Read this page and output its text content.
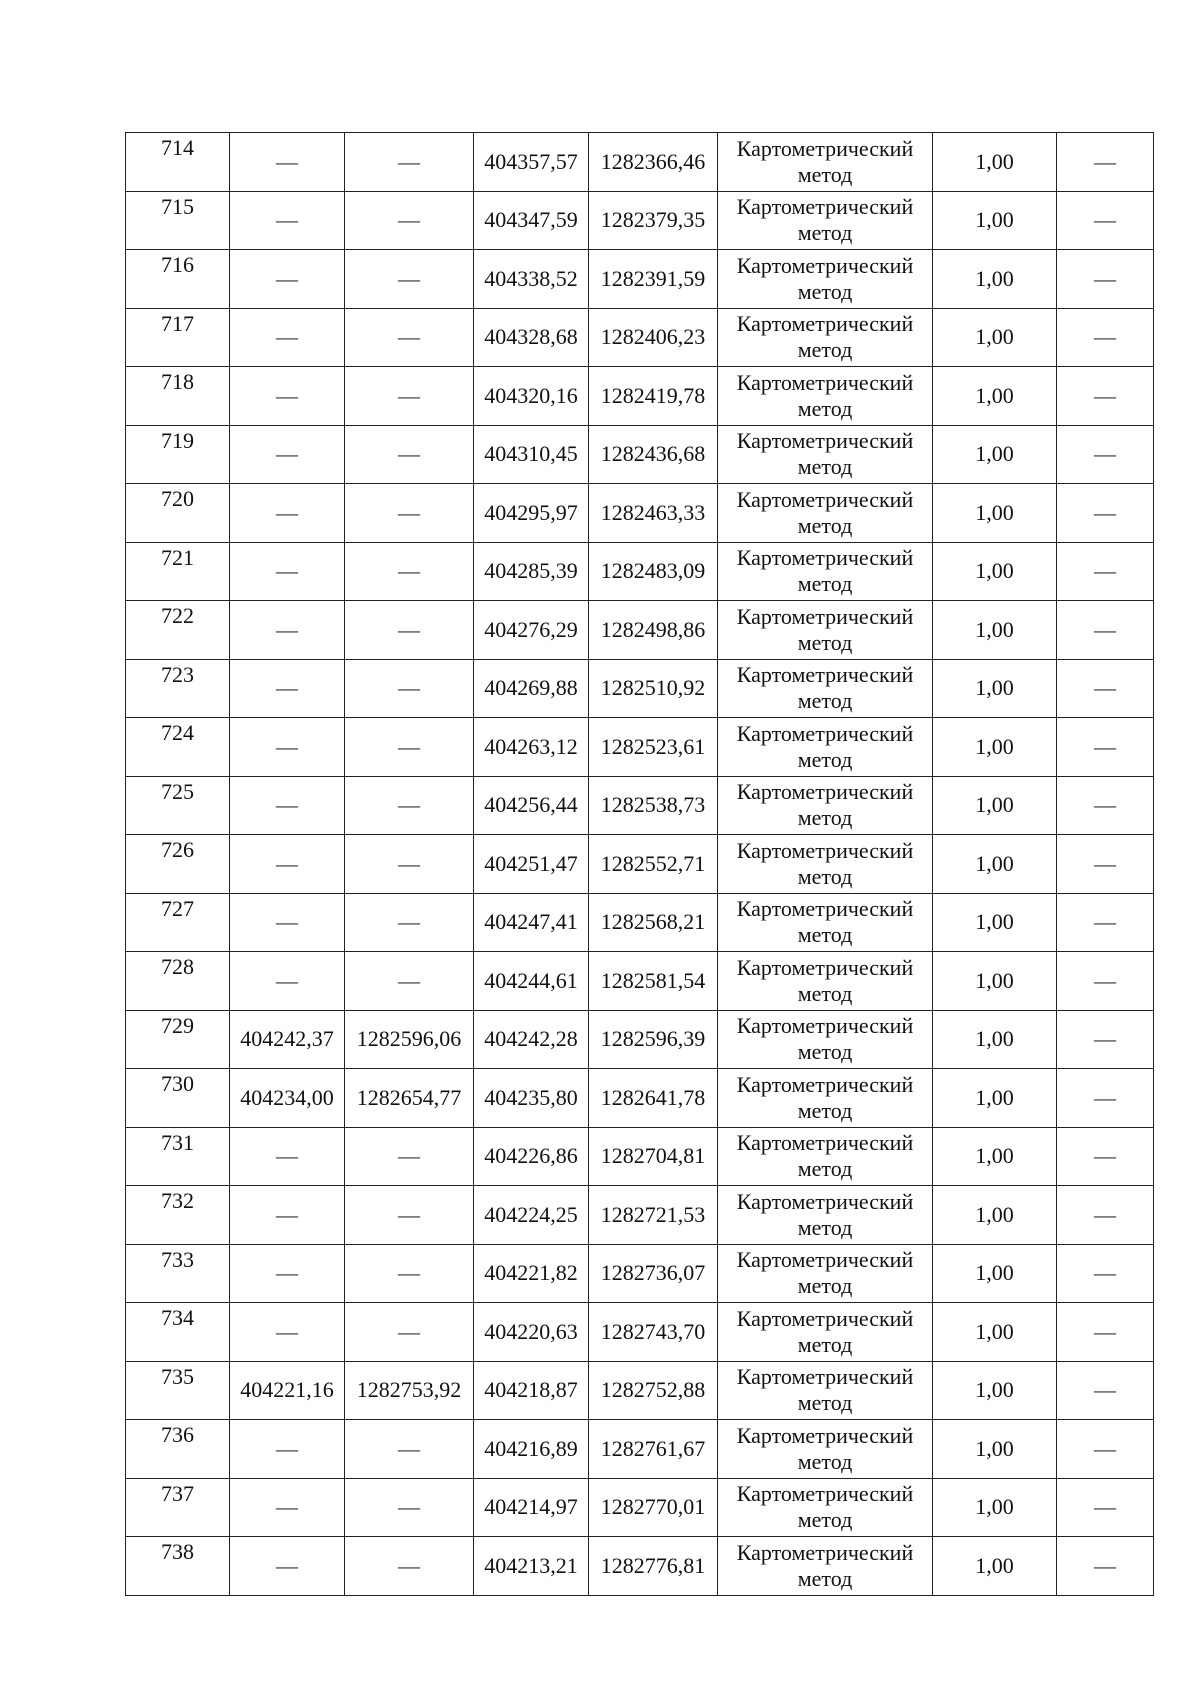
714	—	—	404357,57	1282366,46	Картометрический метод	1,00	—
715	—	—	404347,59	1282379,35	Картометрический метод	1,00	—
716	—	—	404338,52	1282391,59	Картометрический метод	1,00	—
717	—	—	404328,68	1282406,23	Картометрический метод	1,00	—
718	—	—	404320,16	1282419,78	Картометрический метод	1,00	—
719	—	—	404310,45	1282436,68	Картометрический метод	1,00	—
720	—	—	404295,97	1282463,33	Картометрический метод	1,00	—
721	—	—	404285,39	1282483,09	Картометрический метод	1,00	—
722	—	—	404276,29	1282498,86	Картометрический метод	1,00	—
723	—	—	404269,88	1282510,92	Картометрический метод	1,00	—
724	—	—	404263,12	1282523,61	Картометрический метод	1,00	—
725	—	—	404256,44	1282538,73	Картометрический метод	1,00	—
726	—	—	404251,47	1282552,71	Картометрический метод	1,00	—
727	—	—	404247,41	1282568,21	Картометрический метод	1,00	—
728	—	—	404244,61	1282581,54	Картометрический метод	1,00	—
729	404242,37	1282596,06	404242,28	1282596,39	Картометрический метод	1,00	—
730	404234,00	1282654,77	404235,80	1282641,78	Картометрический метод	1,00	—
731	—	—	404226,86	1282704,81	Картометрический метод	1,00	—
732	—	—	404224,25	1282721,53	Картометрический метод	1,00	—
733	—	—	404221,82	1282736,07	Картометрический метод	1,00	—
734	—	—	404220,63	1282743,70	Картометрический метод	1,00	—
735	404221,16	1282753,92	404218,87	1282752,88	Картометрический метод	1,00	—
736	—	—	404216,89	1282761,67	Картометрический метод	1,00	—
737	—	—	404214,97	1282770,01	Картометрический метод	1,00	—
738	—	—	404213,21	1282776,81	Картометрический метод	1,00	—
